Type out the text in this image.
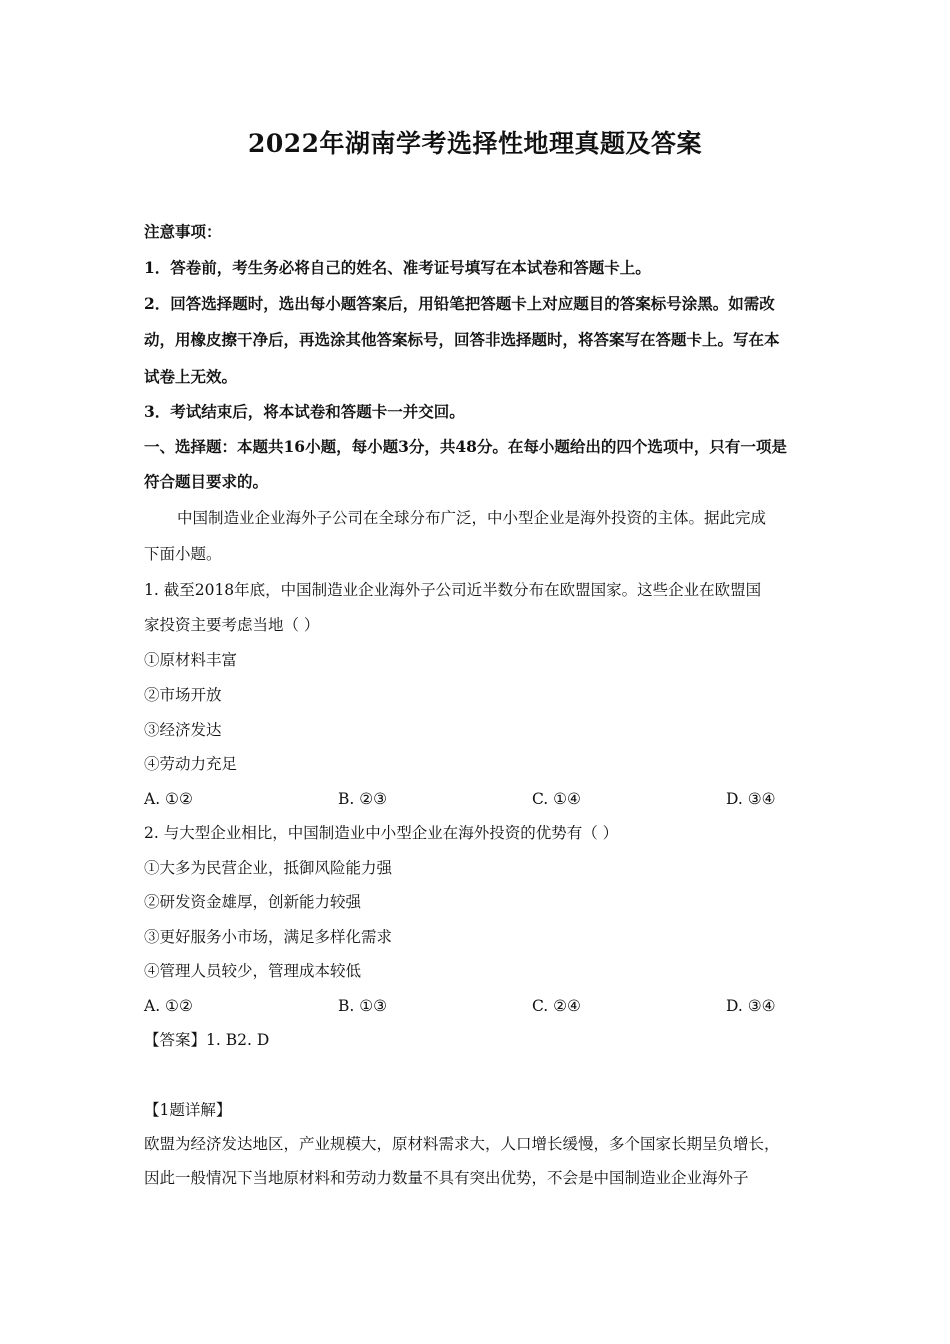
2022年湖南学考选择性地理真题及答案
注意事项：
1．答卷前，考生务必将自己的姓名、准考证号填写在本试卷和答题卡上。
2．回答选择题时，选出每小题答案后，用铅笔把答题卡上对应题目的答案标号涂黑。如需改
动，用橡皮擦干净后，再选涂其他答案标号，回答非选择题时，将答案写在答题卡上。写在本
试卷上无效。
3．考试结束后，将本试卷和答题卡一并交回。
一、选择题：本题共16小题，每小题3分，共48分。在每小题给出的四个选项中，只有一项是
符合题目要求的。
中国制造业企业海外子公司在全球分布广泛，中小型企业是海外投资的主体。据此完成
下面小题。
1. 截至2018年底，中国制造业企业海外子公司近半数分布在欧盟国家。这些企业在欧盟国
家投资主要考虑当地（ ）
①原材料丰富
②市场开放
③经济发达
④劳动力充足
A. ①②	B. ②③	C. ①④	D. ③④
2. 与大型企业相比，中国制造业中小型企业在海外投资的优势有（ ）
①大多为民营企业，抵御风险能力强
②研发资金雄厚，创新能力较强
③更好服务小市场，满足多样化需求
④管理人员较少，管理成本较低
A. ①②	B. ①③	C. ②④	D. ③④
【答案】1. B2. D
【1题详解】
欧盟为经济发达地区，产业规模大，原材料需求大，人口增长缓慢，多个国家长期呈负增长，
因此一般情况下当地原材料和劳动力数量不具有突出优势，不会是中国制造业企业海外子
